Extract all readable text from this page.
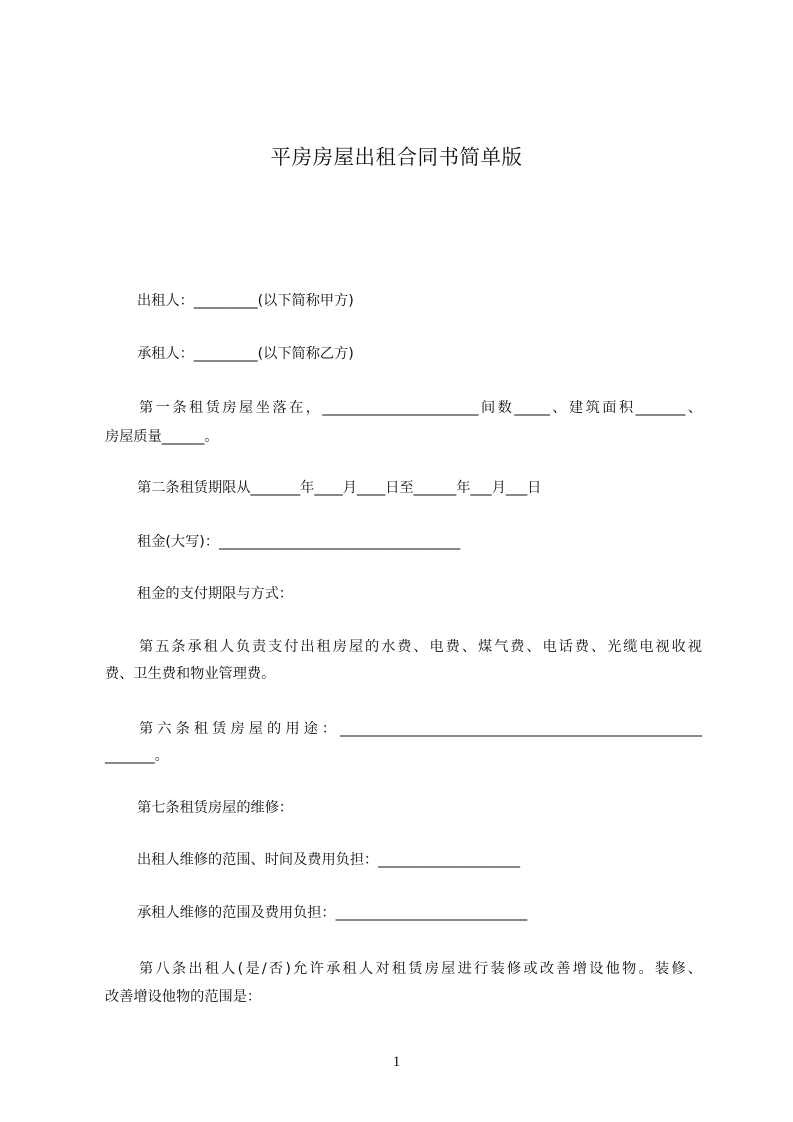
平房房屋出租合同书简单版
出租人：_________(以下简称甲方)
承租人：_________(以下简称乙方)
第一条租赁房屋坐落在，______________________间数_____、建筑面积_______、
房屋质量______。
第二条租赁期限从_______年____月____日至______年___月___日
租金(大写)：__________________________________
租金的支付期限与方式：
第五条承租人负责支付出租房屋的水费、电费、煤气费、电话费、光缆电视收视
费、卫生费和物业管理费。
第六条租赁房屋的用途：___________________________________________________
_______。
第七条租赁房屋的维修：
出租人维修的范围、时间及费用负担：____________________
承租人维修的范围及费用负担：___________________________
第八条出租人(是/否)允许承租人对租赁房屋进行装修或改善增设他物。装修、
改善增设他物的范围是：
1
